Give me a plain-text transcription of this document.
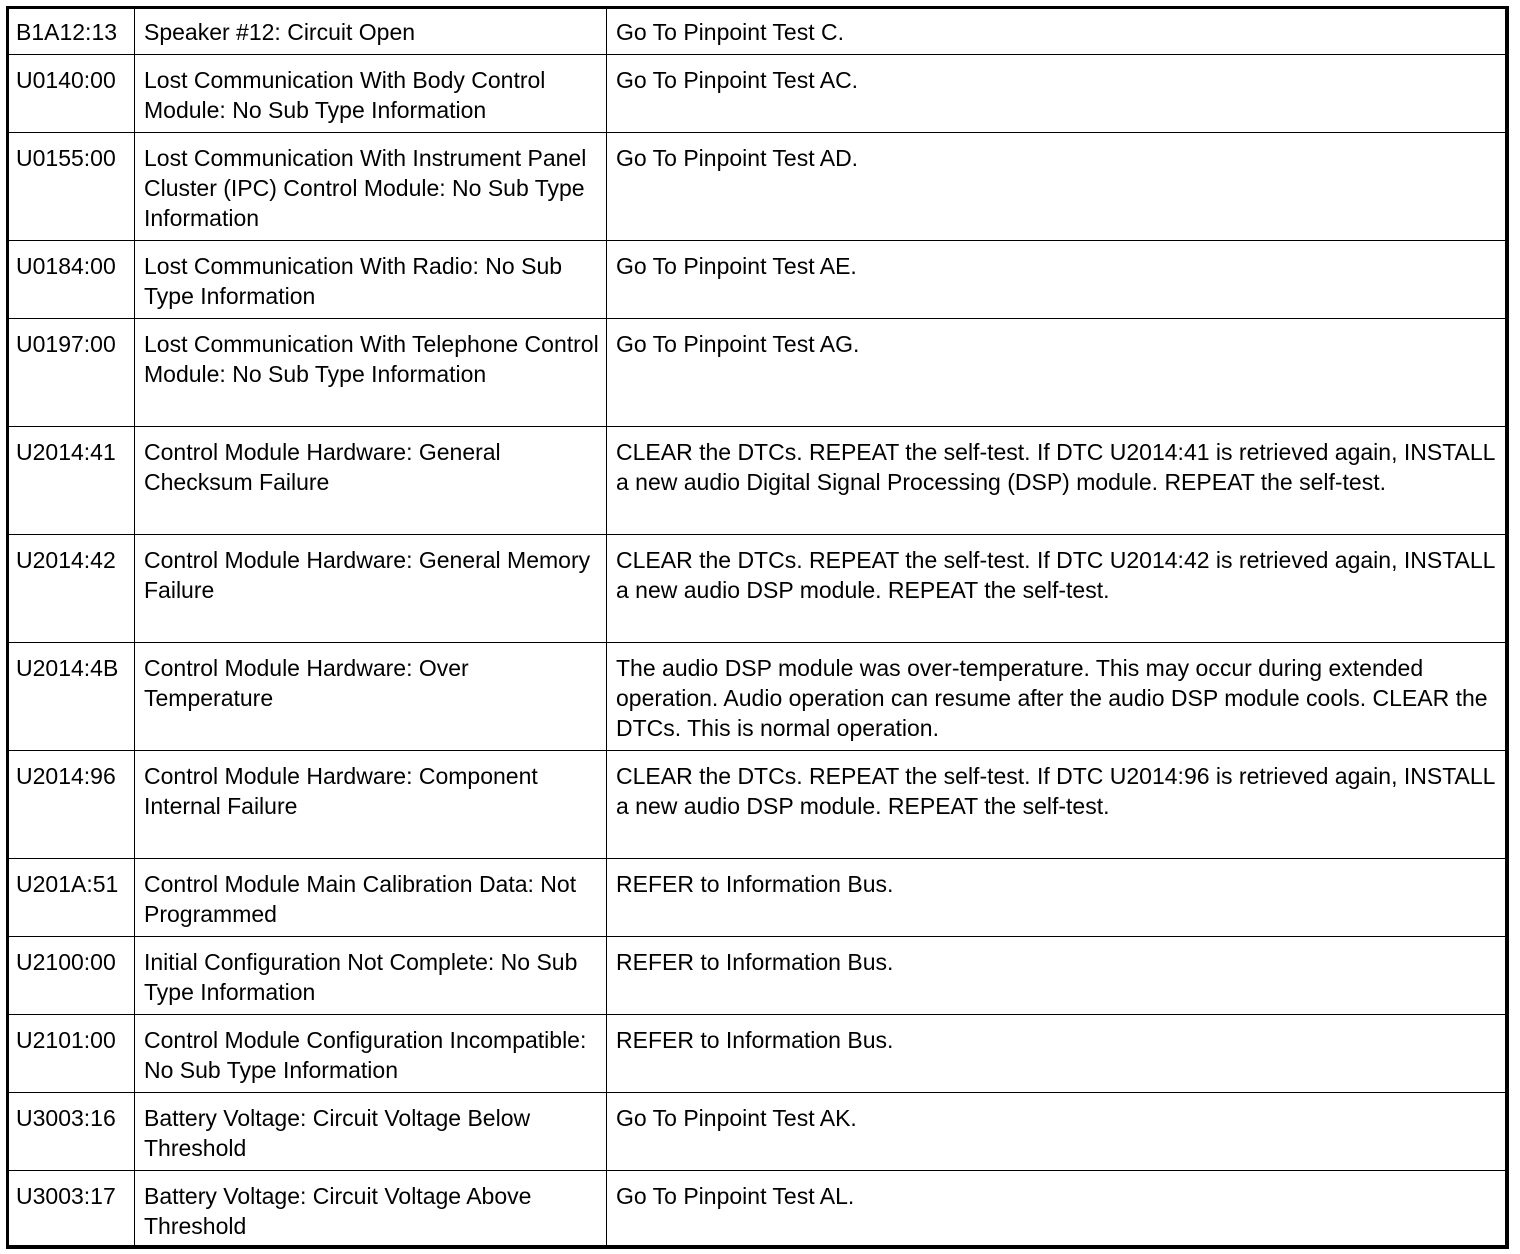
B1A12:13	Speaker #12: Circuit Open	Go To Pinpoint Test C.
U0140:00	Lost Communication With Body Control Module: No Sub Type Information	Go To Pinpoint Test AC.
U0155:00	Lost Communication With Instrument Panel Cluster (IPC) Control Module: No Sub Type Information	Go To Pinpoint Test AD.
U0184:00	Lost Communication With Radio: No Sub Type Information	Go To Pinpoint Test AE.
U0197:00	Lost Communication With Telephone Control Module: No Sub Type Information	Go To Pinpoint Test AG.
U2014:41	Control Module Hardware: General Checksum Failure	CLEAR the DTCs. REPEAT the self-test. If DTC U2014:41 is retrieved again, INSTALL a new audio Digital Signal Processing (DSP) module. REPEAT the self-test.
U2014:42	Control Module Hardware: General Memory Failure	CLEAR the DTCs. REPEAT the self-test. If DTC U2014:42 is retrieved again, INSTALL a new audio DSP module. REPEAT the self-test.
U2014:4B	Control Module Hardware: Over Temperature	The audio DSP module was over-temperature. This may occur during extended operation. Audio operation can resume after the audio DSP module cools. CLEAR the DTCs. This is normal operation.
U2014:96	Control Module Hardware: Component Internal Failure	CLEAR the DTCs. REPEAT the self-test. If DTC U2014:96 is retrieved again, INSTALL a new audio DSP module. REPEAT the self-test.
U201A:51	Control Module Main Calibration Data: Not Programmed	REFER to Information Bus.
U2100:00	Initial Configuration Not Complete: No Sub Type Information	REFER to Information Bus.
U2101:00	Control Module Configuration Incompatible: No Sub Type Information	REFER to Information Bus.
U3003:16	Battery Voltage: Circuit Voltage Below Threshold	Go To Pinpoint Test AK.
U3003:17	Battery Voltage: Circuit Voltage Above Threshold	Go To Pinpoint Test AL.
